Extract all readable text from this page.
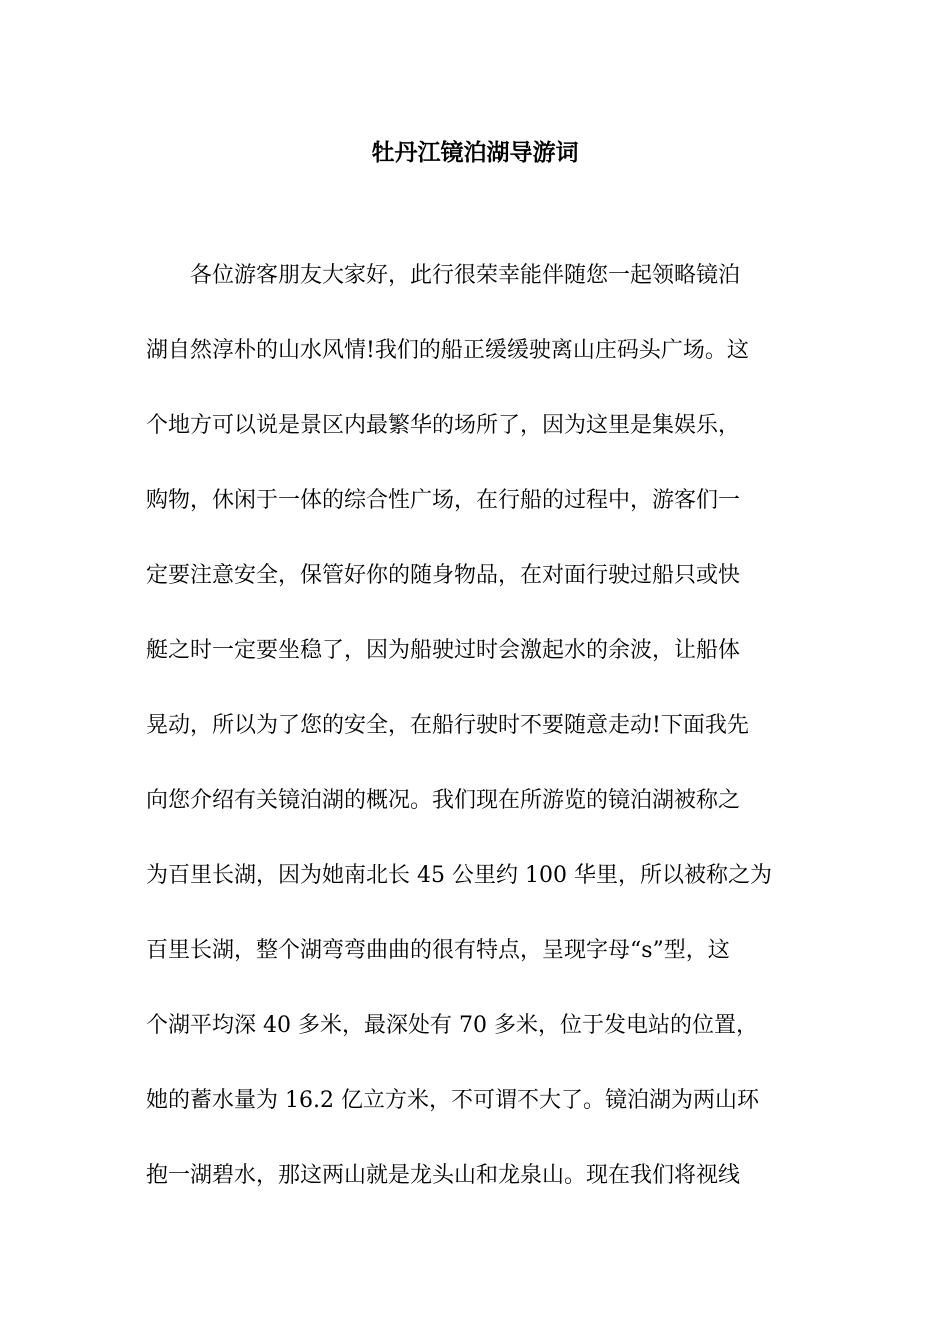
牡丹江镜泊湖导游词
各位游客朋友大家好，此行很荣幸能伴随您一起领略镜泊
湖自然淳朴的山水风情!我们的船正缓缓驶离山庄码头广场。这
个地方可以说是景区内最繁华的场所了，因为这里是集娱乐，
购物，休闲于一体的综合性广场，在行船的过程中，游客们一
定要注意安全，保管好你的随身物品，在对面行驶过船只或快
艇之时一定要坐稳了，因为船驶过时会激起水的余波，让船体
晃动，所以为了您的安全，在船行驶时不要随意走动!下面我先
向您介绍有关镜泊湖的概况。我们现在所游览的镜泊湖被称之
为百里长湖，因为她南北长 45 公里约 100 华里，所以被称之为
百里长湖，整个湖弯弯曲曲的很有特点，呈现字母“s”型，这
个湖平均深 40 多米，最深处有 70 多米，位于发电站的位置，
她的蓄水量为 16.2 亿立方米，不可谓不大了。镜泊湖为两山环
抱一湖碧水，那这两山就是龙头山和龙泉山。现在我们将视线
